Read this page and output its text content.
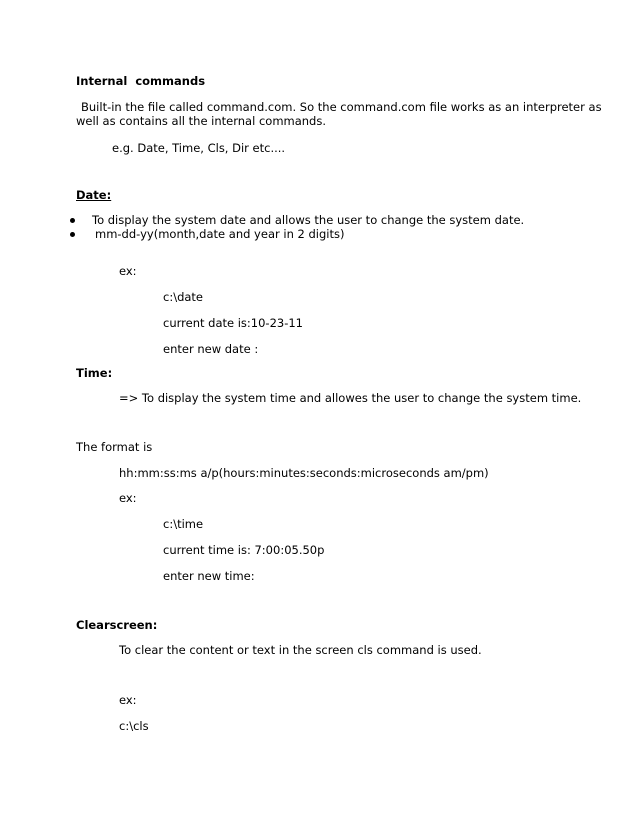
Internal  commands
Built-in the file called command.com. So the command.com file works as an interpreter as
well as contains all the internal commands.
e.g. Date, Time, Cls, Dir etc....
Date:
To display the system date and allows the user to change the system date.
mm-dd-yy(month,date and year in 2 digits)
ex:
c:\date
current date is:10-23-11
enter new date :
Time:
=> To display the system time and allowes the user to change the system time.
The format is
hh:mm:ss:ms a/p(hours:minutes:seconds:microseconds am/pm)
ex:
c:\time
current time is: 7:00:05.50p
enter new time:
Clearscreen:
To clear the content or text in the screen cls command is used.
ex:
c:\cls
